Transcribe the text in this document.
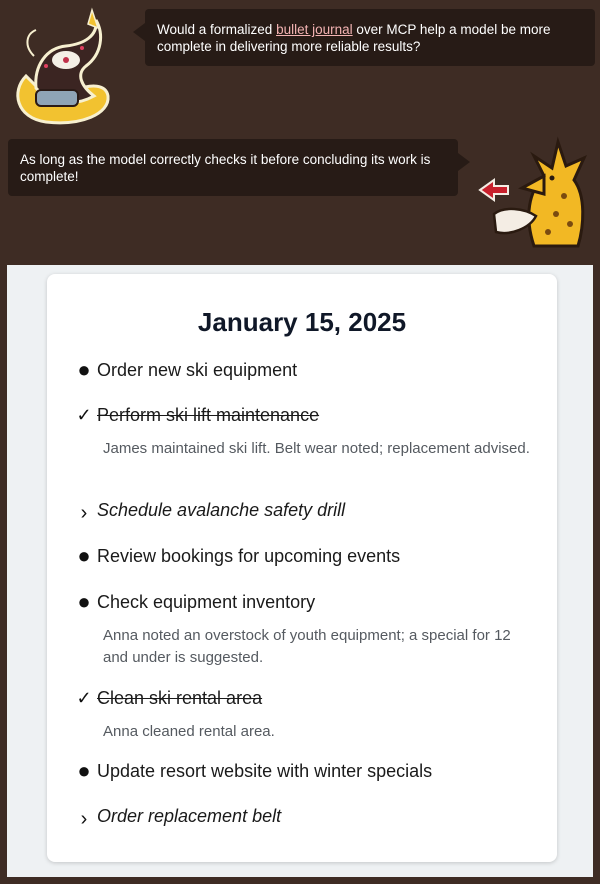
Would a formalized bullet journal over MCP help a model be more complete in delivering more reliable results?
As long as the model correctly checks it before concluding its work is complete!
January 15, 2025
● Order new ski equipment
✓ Perform ski lift maintenance
James maintained ski lift. Belt wear noted; replacement advised.
› Schedule avalanche safety drill
● Review bookings for upcoming events
● Check equipment inventory
Anna noted an overstock of youth equipment; a special for 12 and under is suggested.
✓ Clean ski rental area
Anna cleaned rental area.
● Update resort website with winter specials
› Order replacement belt
